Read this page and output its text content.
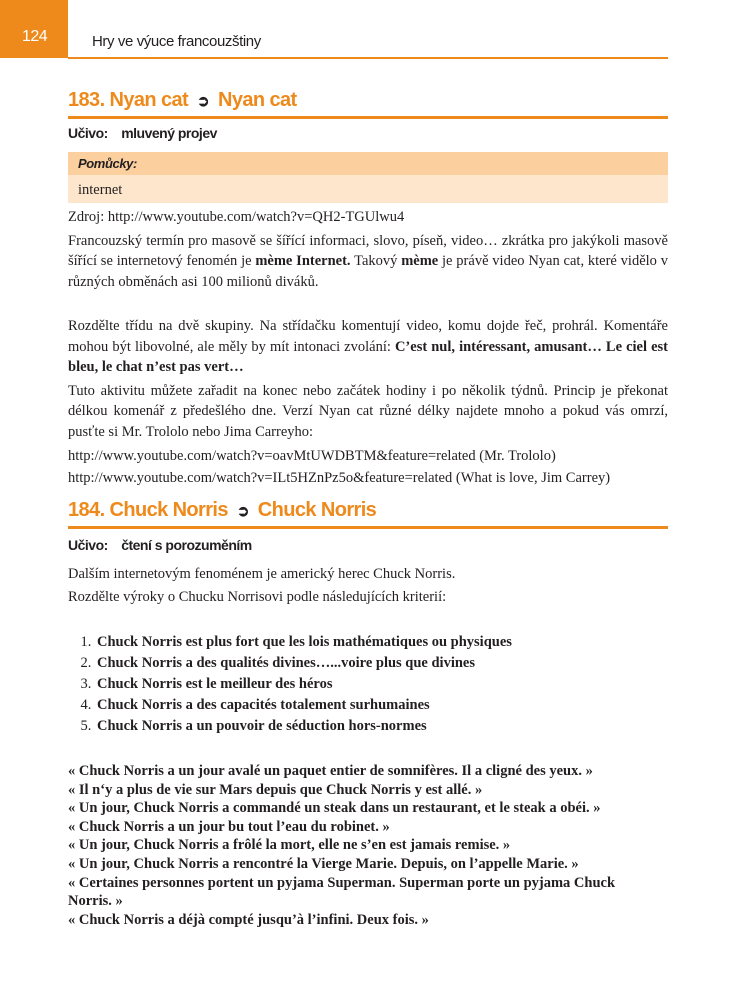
124	Hry ve výuce francouzštiny
183. Nyan cat ➲ Nyan cat
Učivo: mluvený projev
Pomůcky:
internet

Zdroj: http://www.youtube.com/watch?v=QH2-TGUlwu4

Francouzský termín pro masově se šířící informaci, slovo, píseň, video… zkrátka pro jakýkoli masově šířící se internetový fenomén je mème Internet. Takový mème je právě video Nyan cat, které vidělo v různých obměnách asi 100 milionů diváků.

Rozdělte třídu na dvě skupiny. Na střídačku komentují video, komu dojde řeč, prohrál. Komentáře mohou být libovolné, ale měly by mít intonaci zvolání: C’est nul, intéressant, amusant… Le ciel est bleu, le chat n’est pas vert…

Tuto aktivitu můžete zařadit na konec nebo začátek hodiny i po několik týdnů. Princip je překonat délkou komenář z předešlého dne. Verzí Nyan cat různé délky najdete mnoho a pokud vás omrzí, pusťte si Mr. Trololo nebo Jima Carreyho:

http://www.youtube.com/watch?v=oavMtUWDBTM&feature=related (Mr. Trololo)

http://www.youtube.com/watch?v=ILt5HZnPz5o&feature=related (What is love, Jim Carrey)

184. Chuck Norris ➲ Chuck Norris
Učivo: čtení s porozuměním

Dalším internetovým fenoménem je americký herec Chuck Norris.

Rozdělte výroky o Chucku Norrisovi podle následujících kriterií:

1. Chuck Norris est plus fort que les lois mathématiques ou physiques
2. Chuck Norris a des qualités divines…...voire plus que divines
3. Chuck Norris est le meilleur des héros
4. Chuck Norris a des capacités totalement surhumaines
5. Chuck Norris a un pouvoir de séduction hors-normes
« Chuck Norris a un jour avalé un paquet entier de somnifères. Il a cligné des yeux. »
« Il n‘y a plus de vie sur Mars depuis que Chuck Norris y est allé. »
« Un jour, Chuck Norris a commandé un steak dans un restaurant, et le steak a obéi. »
« Chuck Norris a un jour bu tout l’eau du robinet. »
« Un jour, Chuck Norris a frôlé la mort, elle ne s’en est jamais remise. »
« Un jour, Chuck Norris a rencontré la Vierge Marie. Depuis, on l’appelle Marie. »
« Certaines personnes portent un pyjama Superman. Superman porte un pyjama Chuck Norris. »
« Chuck Norris a déjà compté jusqu’à l’infini. Deux fois. »
